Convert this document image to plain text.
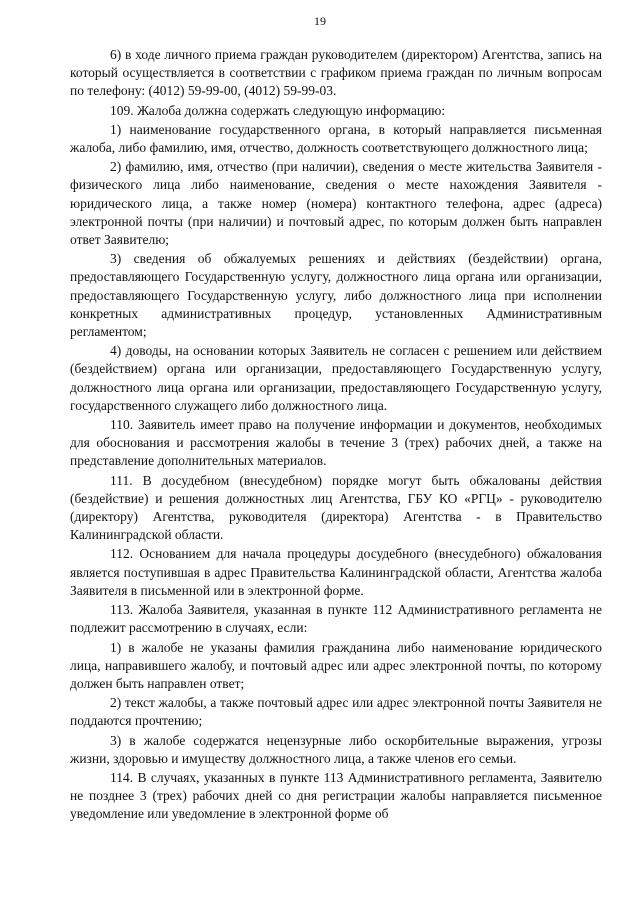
19

6) в ходе личного приема граждан руководителем (директором) Агентства, запись на который осуществляется в соответствии с графиком приема граждан по личным вопросам по телефону: (4012) 59-99-00, (4012) 59-99-03.

109. Жалоба должна содержать следующую информацию:

1) наименование государственного органа, в который направляется письменная жалоба, либо фамилию, имя, отчество, должность соответствующего должностного лица;

2) фамилию, имя, отчество (при наличии), сведения о месте жительства Заявителя - физического лица либо наименование, сведения о месте нахождения Заявителя - юридического лица, а также номер (номера) контактного телефона, адрес (адреса) электронной почты (при наличии) и почтовый адрес, по которым должен быть направлен ответ Заявителю;

3) сведения об обжалуемых решениях и действиях (бездействии) органа, предоставляющего Государственную услугу, должностного лица органа или организации, предоставляющего Государственную услугу, либо должностного лица при исполнении конкретных административных процедур, установленных Административным регламентом;

4) доводы, на основании которых Заявитель не согласен с решением или действием (бездействием) органа или организации, предоставляющего Государственную услугу, должностного лица органа или организации, предоставляющего Государственную услугу, государственного служащего либо должностного лица.

110. Заявитель имеет право на получение информации и документов, необходимых для обоснования и рассмотрения жалобы в течение 3 (трех) рабочих дней, а также на представление дополнительных материалов.

111. В досудебном (внесудебном) порядке могут быть обжалованы действия (бездействие) и решения должностных лиц Агентства, ГБУ КО «РГЦ» - руководителю (директору) Агентства, руководителя (директора) Агентства - в Правительство Калининградской области.

112. Основанием для начала процедуры досудебного (внесудебного) обжалования является поступившая в адрес Правительства Калининградской области, Агентства жалоба Заявителя в письменной или в электронной форме.

113. Жалоба Заявителя, указанная в пункте 112 Административного регламента не подлежит рассмотрению в случаях, если:

1) в жалобе не указаны фамилия гражданина либо наименование юридического лица, направившего жалобу, и почтовый адрес или адрес электронной почты, по которому должен быть направлен ответ;

2) текст жалобы, а также почтовый адрес или адрес электронной почты Заявителя не поддаются прочтению;

3) в жалобе содержатся нецензурные либо оскорбительные выражения, угрозы жизни, здоровью и имуществу должностного лица, а также членов его семьи.

114. В случаях, указанных в пункте 113 Административного регламента, Заявителю не позднее 3 (трех) рабочих дней со дня регистрации жалобы направляется письменное уведомление или уведомление в электронной форме об
